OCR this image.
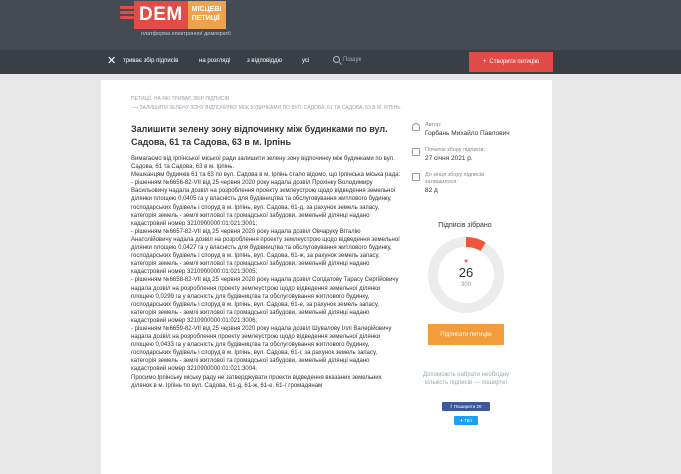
DEM	МІСЦЕВІ
ПЕТИЦІЇ
платформа електронної демократії
✕ триває збір підписів	на розгляді	з відповіддю	усі	Пошук	+ Створити петицію
ПЕТИЦІЇ, НА ЯКІ ТРИВАЄ ЗБІР ПІДПИСІВ
⟶ ЗАЛИШИТИ ЗЕЛЕНУ ЗОНУ ВІДПОЧИНКУ МІЖ БУДИНКАМИ ПО ВУЛ. САДОВА, 61 ТА САДОВА, 63 В М. ІРПІНЬ
Залишити зелену зону відпочинку між будинками по вул. Садова, 61 та Садова, 63 в м. Ірпінь
Вимагаємо від Ірпінської міської ради залишити зелену зону відпочинку між будинками по вул. Садова, 61 та Садова, 63 в м. Ірпінь.
Мешканцям будинків 61 та 63 по вул. Садова в м. Ірпінь стало відомо, що Ірпінська міська рада:
- рішенням №6656-82-VII від 25 червня 2020 року надала дозвіл Прохінку Володимиру Васильовичу надала дозвіл на розроблення проекту землеустрою щодо відведення земельної ділянки площею 0,0405 га у власність для будівництва та обслуговування житлового будинку, господарських будівель і споруд в м. Ірпінь, вул. Садова, 61-д, за рахунок земель запасу, категорія земель - землі житлової та громадської забудови, земельній ділянці надано кадастровий номер 3210900000:01:021:3001;
- рішенням №6657-82-VII від 25 червня 2020 року надала дозвіл Овчаруку Віталію Анатолійовичу надала дозвіл на розроблення проекту землеустрою щодо відведення земельної ділянки площею 0,0427 га у власність для будівництва та обслуговування житлового будинку, господарських будівель і споруд в м. Ірпінь, вул. Садова, 61-ж, за рахунок земель запасу, категорія земель - землі житлової та громадської забудови, земельній ділянці надано кадастровий номер 3210900000:01:021:3005;
- рішенням №6658-82-VII від 25 червня 2020 року надала дозвіл Солдатову Тарасу Сергійовичу надала дозвіл на розроблення проекту землеустрою щодо відведення земельної ділянки площею 0,0299 га у власність для будівництва та обслуговування житлового будинку, господарських будівель і споруд в м. Ірпінь, вул. Садова, 61-е, за рахунок земель запасу, категорія земель - землі житлової та громадської забудови, земельній ділянці надано кадастровий номер 3210900000:01:021:3006;
- рішенням №6659-82-VII від 25 червня 2020 року надала дозвіл Шувалову Іллі Валерійовичу надала дозвіл на розроблення проекту землеустрою щодо відведення земельної ділянки площею 0,0433 га у власність для будівництва та обслуговування житлового будинку, господарських будівель і споруд в м. Ірпінь, вул. Садова, 61-г, за рахунок земель запасу, категорія земель - землі житлової та громадської забудови, земельній ділянці надано кадастровий номер 3210900000:01:021:3004.
Просимо Ірпінську міську раду не затверджувати проекти відведення вказаних земельних ділянок в м. Ірпінь по вул. Садова, 61-д, 61-ж, 61-е, 61-г громадянам
Автор:
Горбань Михайло Павлович
Початок збору підписів:
27 січня 2021 р.
До кінця збору підписів залишилося:
82 д
Підписів зібрано
♥
26
300
Підписати петицію
Допоможіть набрати необхідну кількість підписів — поширте!
f Поширити 20
✦ Твіт
